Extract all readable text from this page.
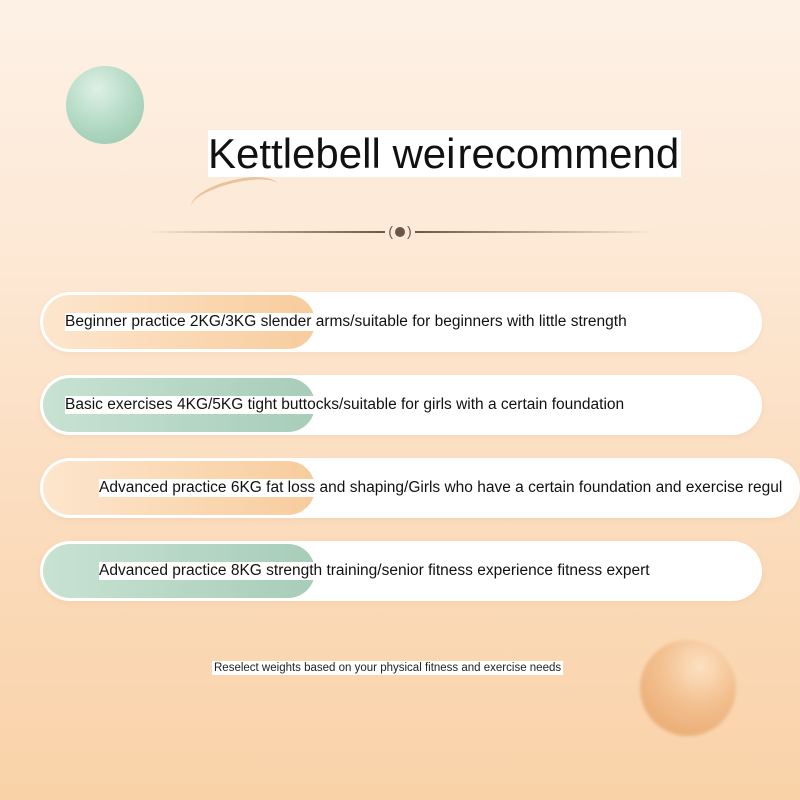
Kettlebell weirecommend
( )
Beginner practice 2KG/3KG slender arms/suitable for beginners with little strength
Basic exercises 4KG/5KG tight buttocks/suitable for girls with a certain foundation
Advanced practice 6KG fat loss and shaping/Girls who have a certain foundation and exercise regul
Advanced practice 8KG strength training/senior fitness experience fitness expert
Reselect weights based on your physical fitness and exercise needs
